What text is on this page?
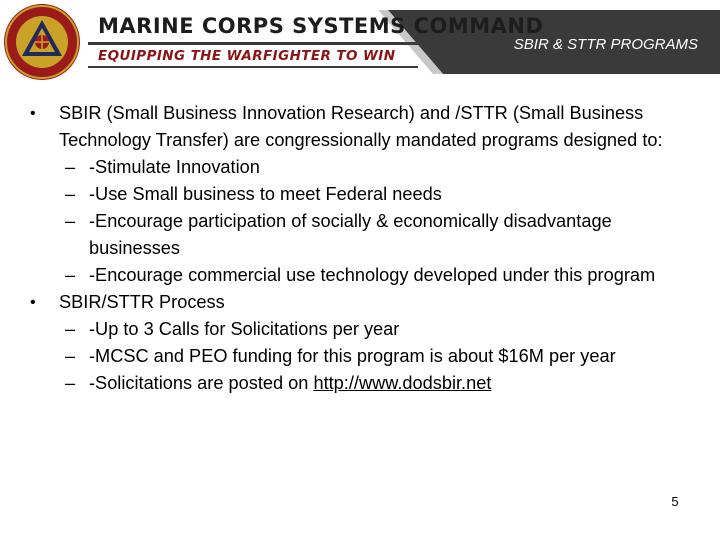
MARINE CORPS SYSTEMS COMMAND
EQUIPPING THE WARFIGHTER TO WIN
SBIR & STTR PROGRAMS
• SBIR (Small Business Innovation Research) and /STTR (Small Business Technology Transfer) are congressionally mandated programs designed to:
– -Stimulate Innovation
– -Use Small business to meet Federal needs
– -Encourage participation of socially & economically disadvantage businesses
– -Encourage commercial use technology developed under this program
• SBIR/STTR Process
– -Up to 3 Calls for Solicitations per year
– -MCSC and PEO funding for this program is about $16M per year
– -Solicitations are posted on http://www.dodsbir.net
5
